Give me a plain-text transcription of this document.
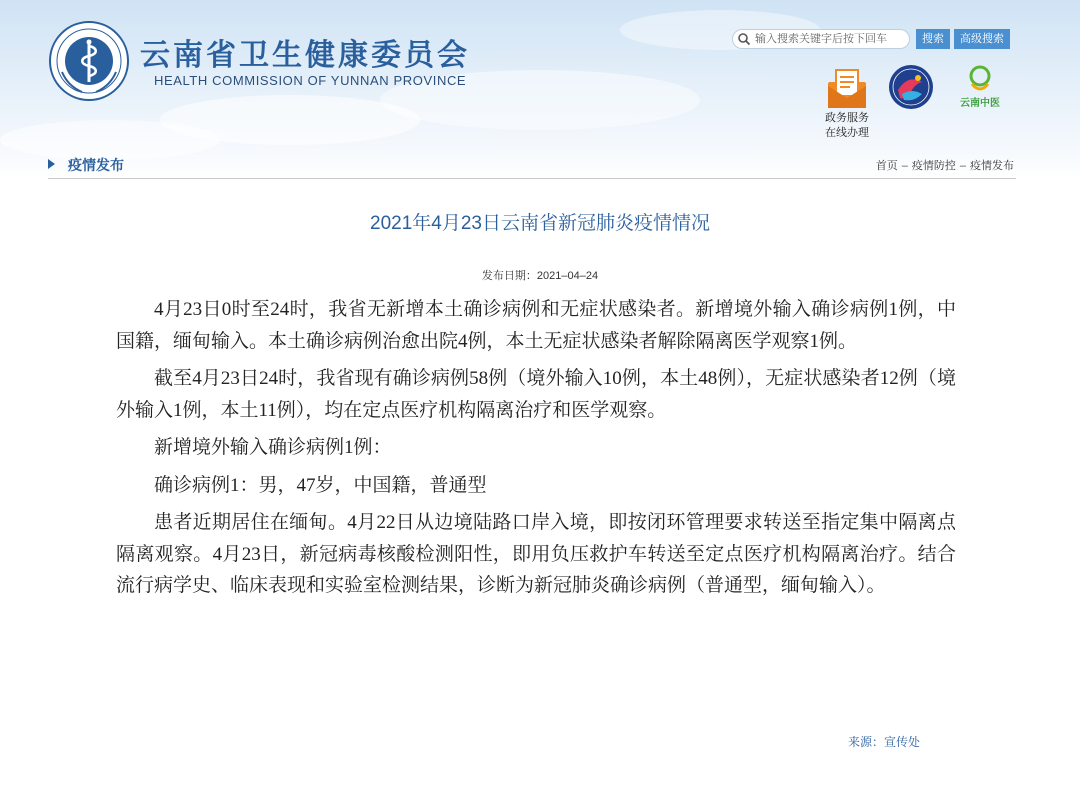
云南省卫生健康委员会
HEALTH COMMISSION OF YUNNAN PROVINCE
输入搜索关键字后按下回车
搜索	高级搜索
政务服务
在线办理
云南中医
疫情发布	首页 – 疫情防控 – 疫情发布
2021年4月23日云南省新冠肺炎疫情情况
发布日期：2021–04–24

4月23日0时至24时，我省无新增本土确诊病例和无症状感染者。新增境外输入确诊病例1例，中国籍，缅甸输入。本土确诊病例治愈出院4例，本土无症状感染者解除隔离医学观察1例。

截至4月23日24时，我省现有确诊病例58例（境外输入10例，本土48例），无症状感染者12例（境外输入1例，本土11例），均在定点医疗机构隔离治疗和医学观察。

新增境外输入确诊病例1例：

确诊病例1：男，47岁，中国籍，普通型

患者近期居住在缅甸。4月22日从边境陆路口岸入境，即按闭环管理要求转送至指定集中隔离点隔离观察。4月23日，新冠病毒核酸检测阳性，即用负压救护车转送至定点医疗机构隔离治疗。结合流行病学史、临床表现和实验室检测结果，诊断为新冠肺炎确诊病例（普通型，缅甸输入）。

来源：宣传处
